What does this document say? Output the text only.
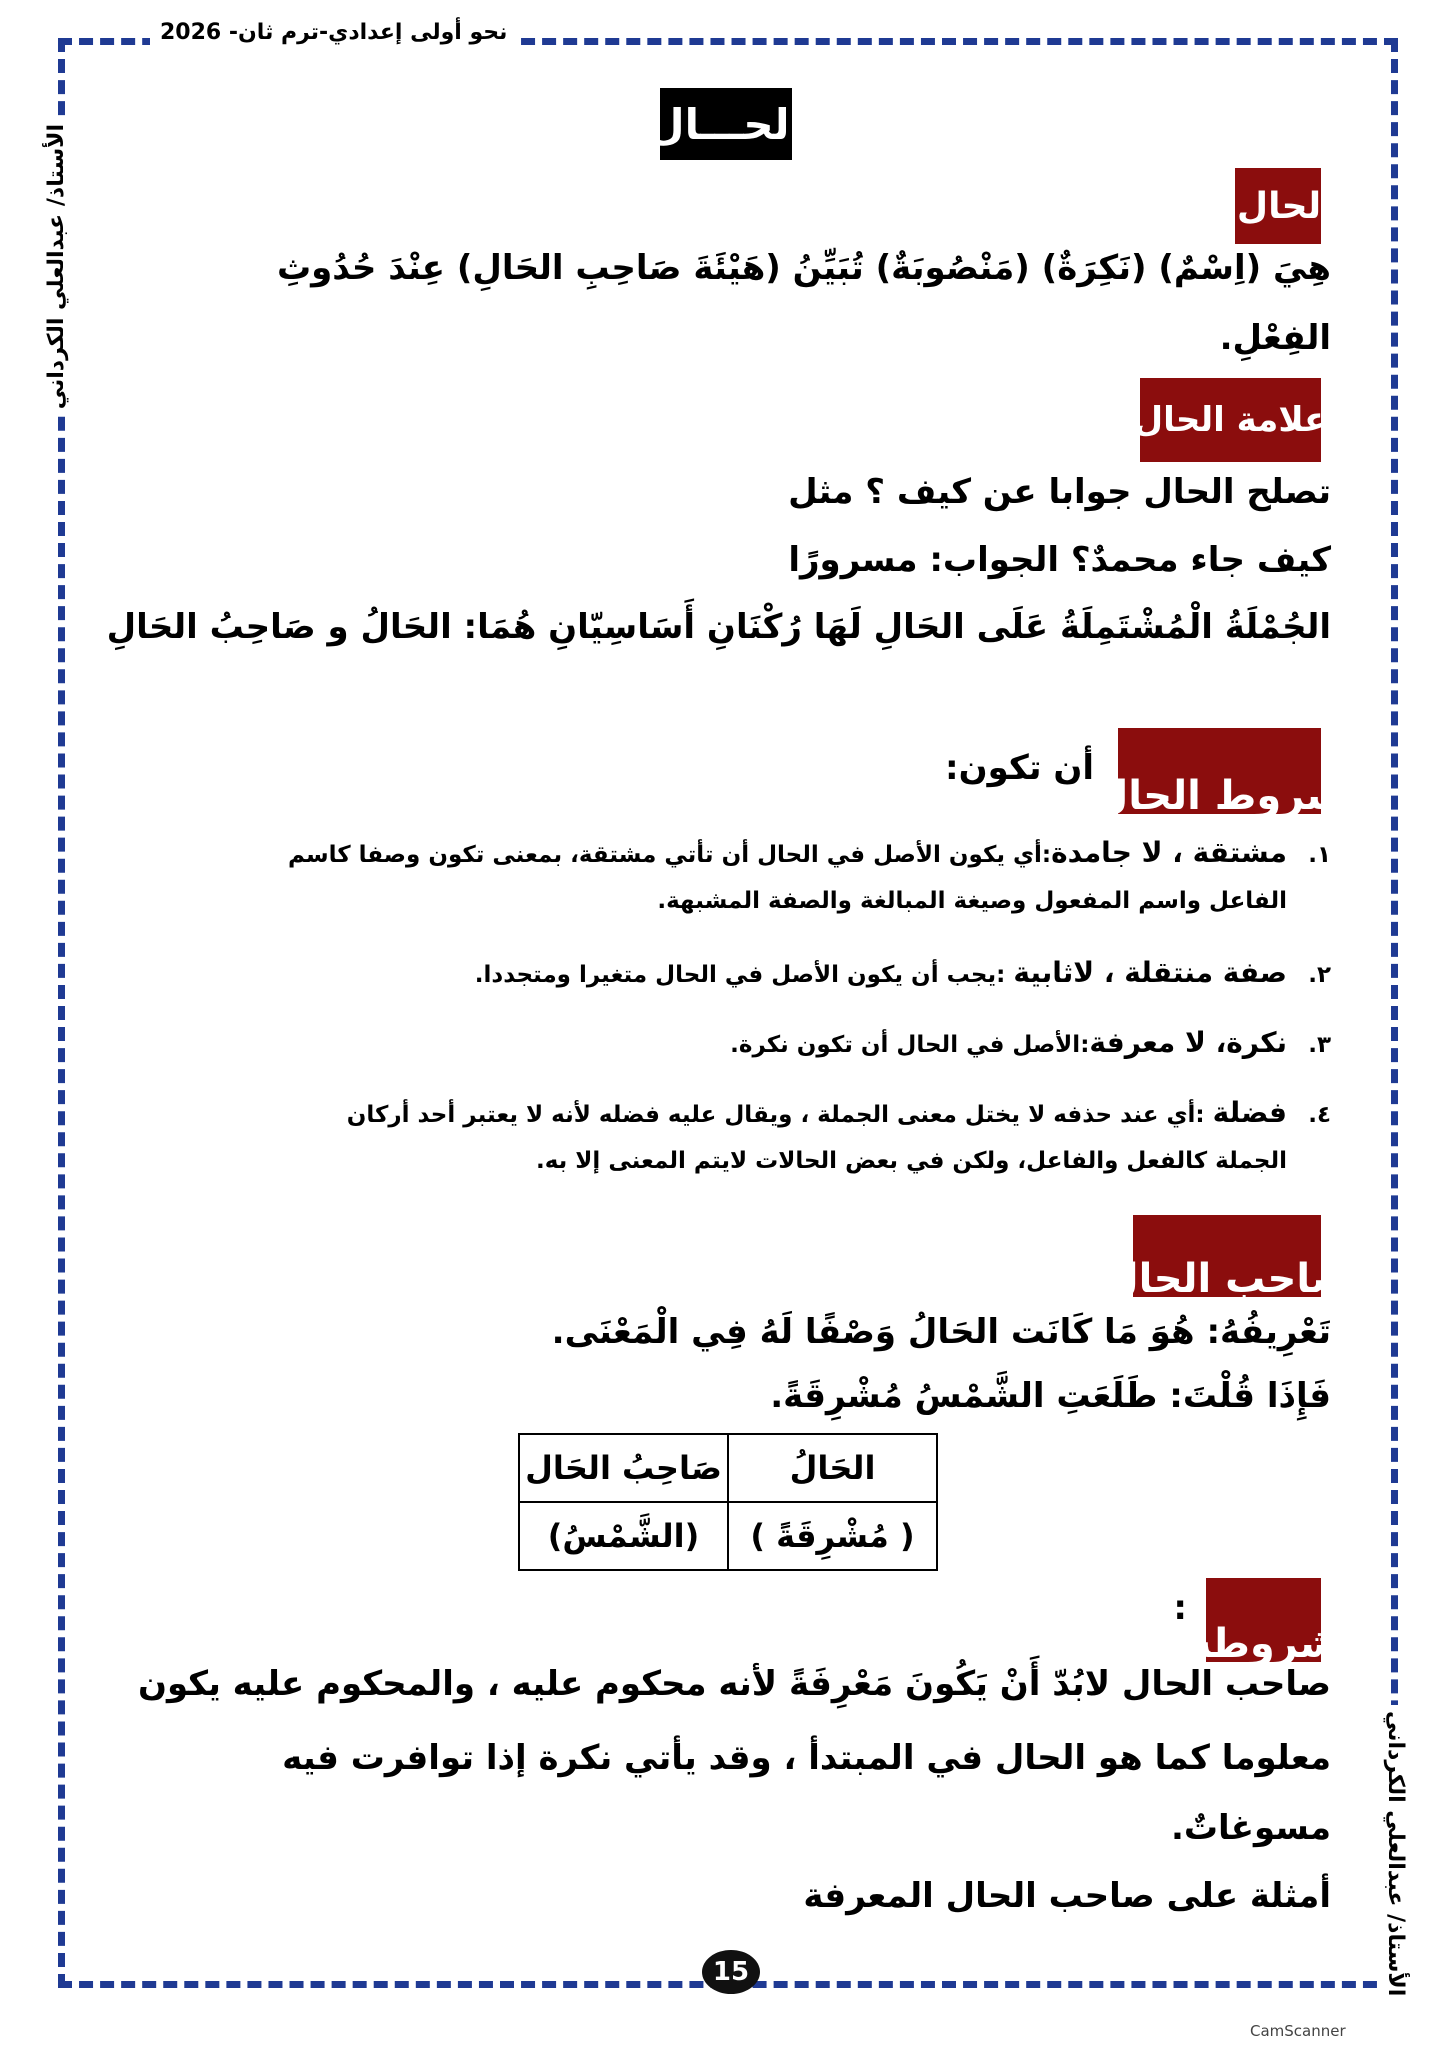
نحو أولى إعدادي-ترم ثان- 2026
الأستاذ/ عبدالعلي الكرداني
الأستاذ/ عبدالعلي الكرداني
الحـــال
الحال:
هِيَ (اِسْمٌ) (نَكِرَةٌ) (مَنْصُوبَةٌ) تُبَيِّنُ (هَيْئَةَ صَاحِبِ الحَالِ) عِنْدَ حُدُوثِ
الفِعْلِ.
علامة الحال
تصلح الحال جوابا عن كيف ؟ مثل
كيف جاء محمدٌ؟ الجواب: مسرورًا
الجُمْلَةُ الْمُشْتَمِلَةُ عَلَى الحَالِ لَهَا رُكْنَانِ أَسَاسِيّانِ هُمَا: الحَالُ و صَاحِبُ الحَالِ
شروط الحال
أن تكون:
١.مشتقة ، لا جامدة:أي يكون الأصل في الحال أن تأتي مشتقة، بمعنى تكون وصفا كاسم
الفاعل واسم المفعول وصيغة المبالغة والصفة المشبهة.
٢.صفة منتقلة ، لاثابية :يجب أن يكون الأصل في الحال متغيرا ومتجددا.
٣.نكرة، لا معرفة:الأصل في الحال أن تكون نكرة.
٤.فضلة :أي عند حذفه لا يختل معنى الجملة ، ويقال عليه فضله لأنه لا يعتبر أحد أركان
الجملة كالفعل والفاعل، ولكن في بعض الحالات لايتم المعنى إلا به.
صاحب الحال
تَعْرِيفُهُ: هُوَ مَا كَانَت الحَالُ وَصْفًا لَهُ فِي الْمَعْنَى.
فَإِذَا قُلْتَ: طَلَعَتِ الشَّمْسُ مُشْرِقَةً.
الحَالُ	صَاحِبُ الحَال
( مُشْرِقَةً )	(الشَّمْسُ)
شروطه
:
صاحب الحال لابُدّ أَنْ يَكُونَ مَعْرِفَةً لأنه محكوم عليه ، والمحكوم عليه يكون
معلوما كما هو الحال في المبتدأ ، وقد يأتي نكرة إذا توافرت فيه
مسوغاتٌ.
أمثلة على صاحب الحال المعرفة
15
CamScanner
